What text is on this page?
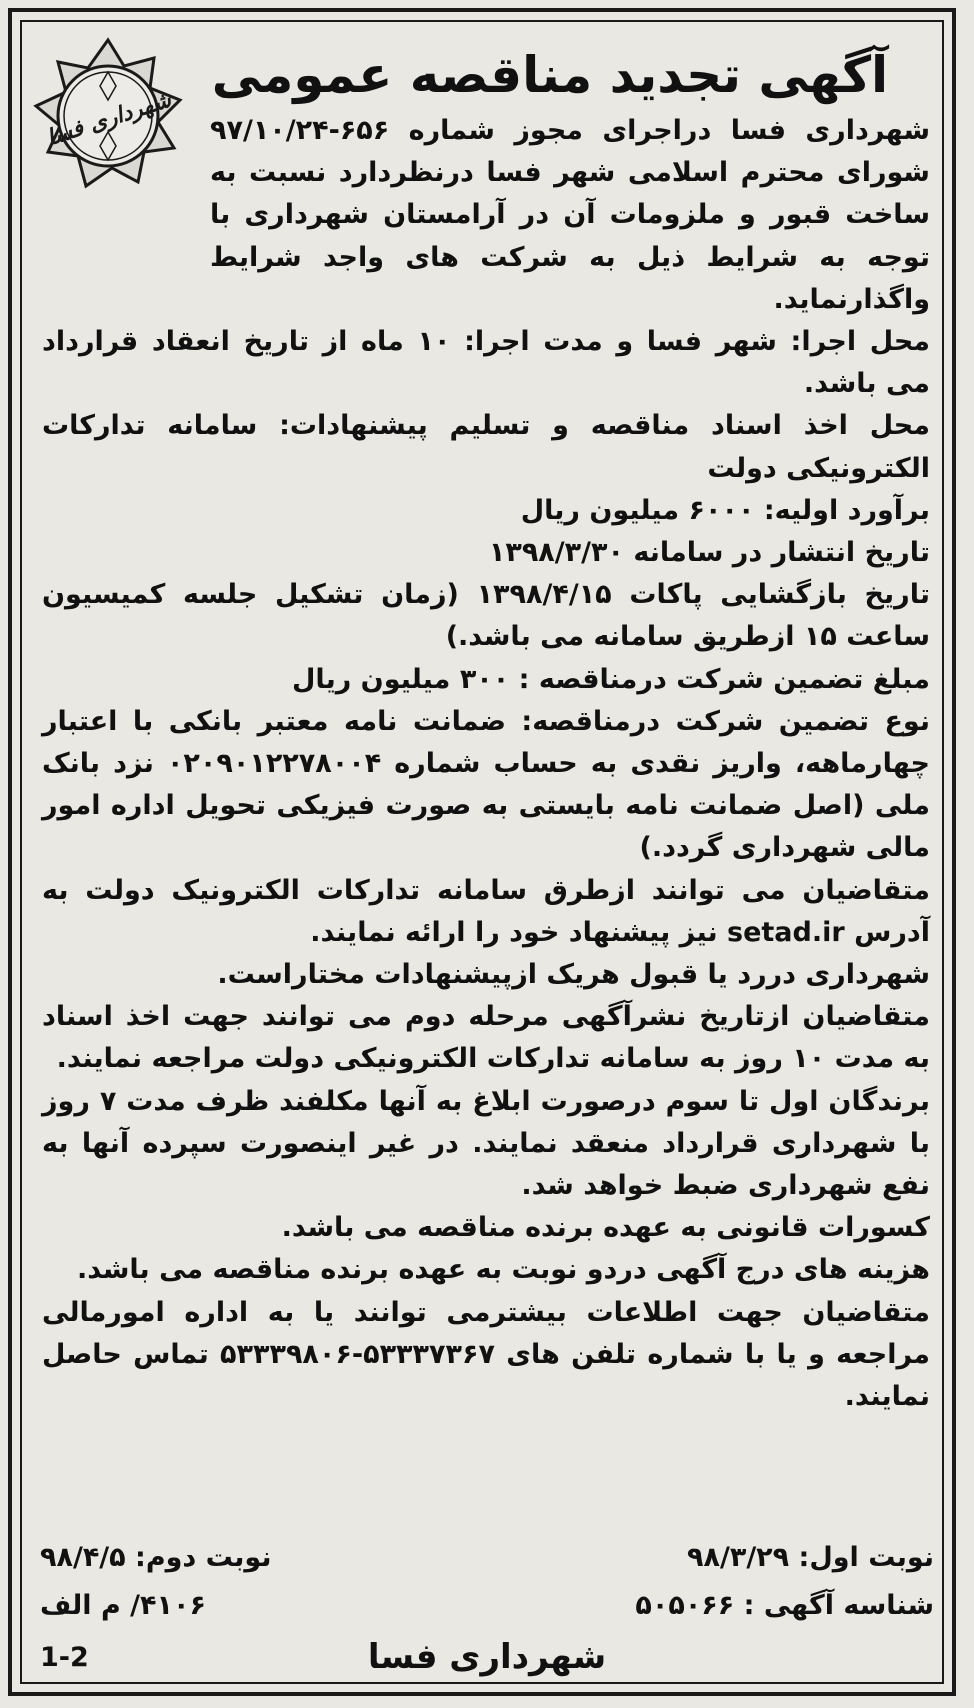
شهرداری فسا
آگهی تجدید مناقصه عمومی

شهرداری فسا دراجرای مجوز شماره ۶۵۶-۹۷/۱۰/۲۴ شورای محترم اسلامی شهر فسا درنظردارد نسبت به ساخت قبور و ملزومات آن در آرامستان شهرداری با توجه به شرایط ذیل به شرکت های واجد شرایط واگذارنماید.

محل اجرا: شهر فسا و مدت اجرا: ۱۰ ماه از تاریخ انعقاد قرارداد می باشد.

محل اخذ اسناد مناقصه و تسلیم پیشنهادات: سامانه تدارکات الکترونیکی دولت

برآورد اولیه: ۶۰۰۰ میلیون ریال

تاریخ انتشار در سامانه ۱۳۹۸/۳/۳۰

تاریخ بازگشایی پاکات ۱۳۹۸/۴/۱۵ (زمان تشکیل جلسه کمیسیون ساعت ۱۵ ازطریق سامانه می باشد.)

مبلغ تضمین شرکت درمناقصه : ۳۰۰ میلیون ریال

نوع تضمین شرکت درمناقصه: ضمانت نامه معتبر بانکی با اعتبار چهارماهه، واریز نقدی به حساب شماره ۰۲۰۹۰۱۲۲۷۸۰۰۴ نزد بانک ملی (اصل ضمانت نامه بایستی به صورت فیزیکی تحویل اداره امور مالی شهرداری گردد.)

متقاضیان می توانند ازطرق سامانه تدارکات الکترونیک دولت به آدرس setad.ir نیز پیشنهاد خود را ارائه نمایند.

شهرداری دررد یا قبول هریک ازپیشنهادات مختاراست.

متقاضیان ازتاریخ نشرآگهی مرحله دوم می توانند جهت اخذ اسناد به مدت ۱۰ روز به سامانه تدارکات الکترونیکی دولت مراجعه نمایند.

برندگان اول تا سوم درصورت ابلاغ به آنها مکلفند ظرف مدت ۷ روز با شهرداری قرارداد منعقد نمایند. در غیر اینصورت سپرده آنها به نفع شهرداری ضبط خواهد شد.

کسورات قانونی به عهده برنده مناقصه می باشد.

هزینه های درج آگهی دردو نوبت به عهده برنده مناقصه می باشد.

متقاضیان جهت اطلاعات بیشترمی توانند یا به اداره امورمالی مراجعه و یا با شماره تلفن های ۵۳۳۳۷۳۶۷-۵۳۳۳۹۸۰۶ تماس حاصل نمایند.

نوبت اول: ۹۸/۳/۲۹
نوبت دوم: ۹۸/۴/۵
شناسه آگهی : ۵۰۵۰۶۶
۴۱۰۶/ م الف
شهرداری فسا
1-2
